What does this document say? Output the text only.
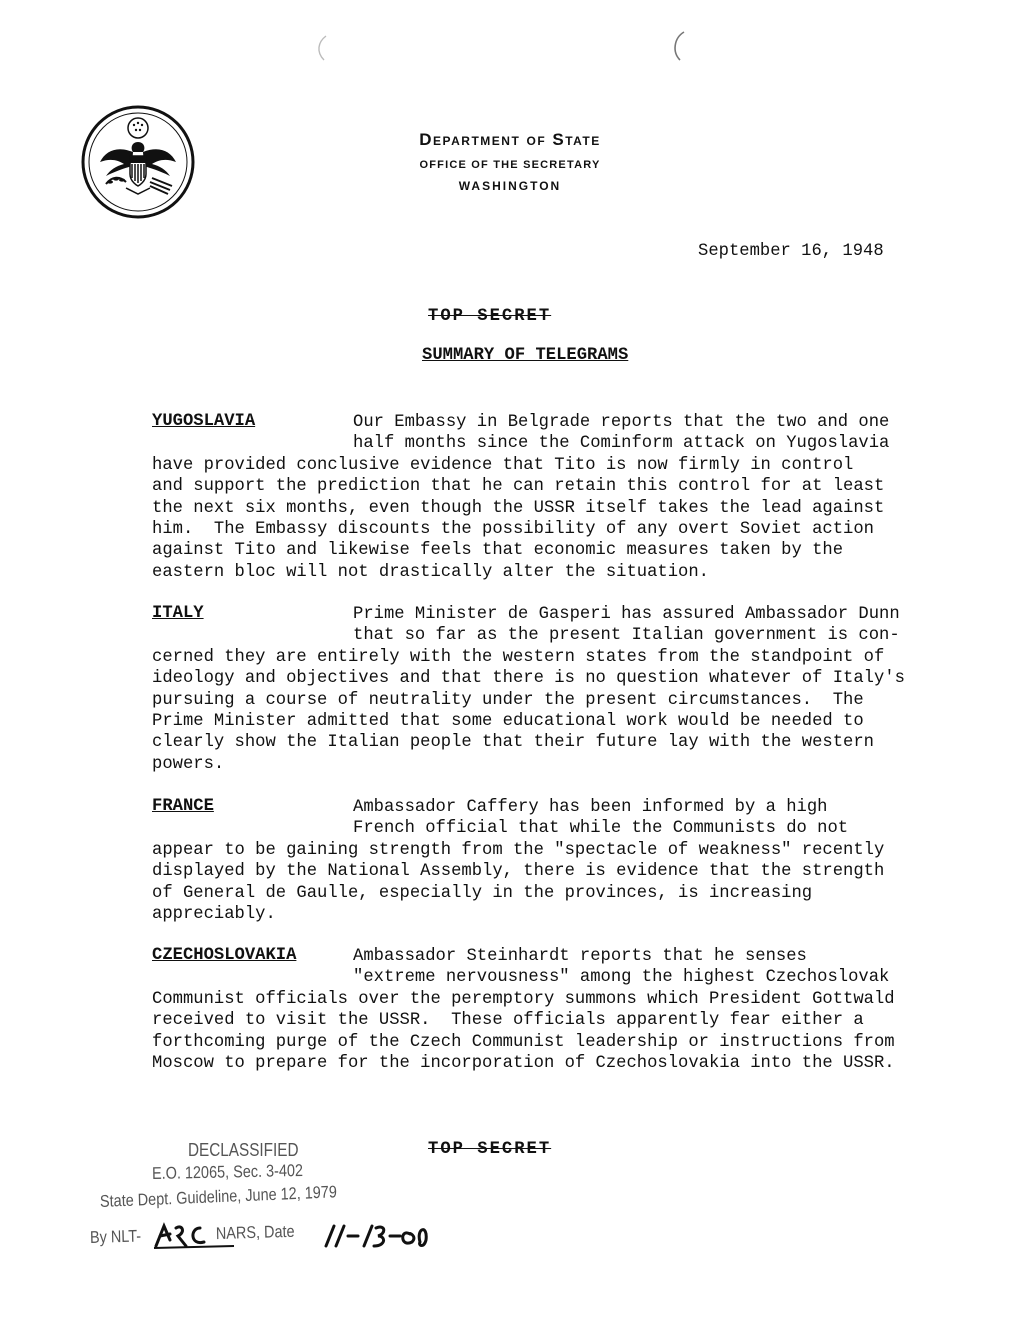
Department of State
OFFICE OF THE SECRETARY
WASHINGTON
September 16, 1948
TOP SECRET
SUMMARY OF TELEGRAMS
YUGOSLAVIA	Our Embassy in Belgrade reports that the two and one
half months since the Cominform attack on Yugoslavia
have provided conclusive evidence that Tito is now firmly in control
and support the prediction that he can retain this control for at least
the next six months, even though the USSR itself takes the lead against
him.  The Embassy discounts the possibility of any overt Soviet action
against Tito and likewise feels that economic measures taken by the
eastern bloc will not drastically alter the situation.
ITALY	Prime Minister de Gasperi has assured Ambassador Dunn
that so far as the present Italian government is con-
cerned they are entirely with the western states from the standpoint of
ideology and objectives and that there is no question whatever of Italy's
pursuing a course of neutrality under the present circumstances.  The
Prime Minister admitted that some educational work would be needed to
clearly show the Italian people that their future lay with the western
powers.
FRANCE	Ambassador Caffery has been informed by a high
French official that while the Communists do not
appear to be gaining strength from the "spectacle of weakness" recently
displayed by the National Assembly, there is evidence that the strength
of General de Gaulle, especially in the provinces, is increasing
appreciably.
CZECHOSLOVAKIA	Ambassador Steinhardt reports that he senses
"extreme nervousness" among the highest Czechoslovak
Communist officials over the peremptory summons which President Gottwald
received to visit the USSR.  These officials apparently fear either a
forthcoming purge of the Czech Communist leadership or instructions from
Moscow to prepare for the incorporation of Czechoslovakia into the USSR.
TOP SECRET
DECLASSIFIED
E.O. 12065, Sec. 3-402
State Dept. Guideline, June 12, 1979
By NLT-	NARS, Date
